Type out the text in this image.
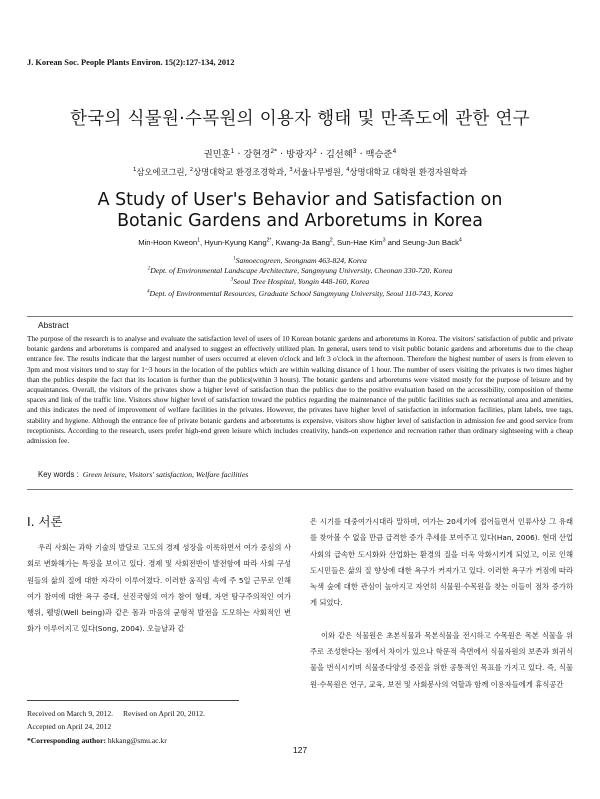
J. Korean Soc. People Plants Environ. 15(2):127-134, 2012
한국의 식물원·수목원의 이용자 행태 및 만족도에 관한 연구
권민훈$^1$ · 강현경$^{2*}$ · 방광자$^2$ · 김선혜$^3$ · 백승준$^4$
$^1$삼오에코그린, $^2$상명대학교 환경조경학과, $^3$서울나무병원, $^4$상명대학교 대학원 환경자원학과
A Study of User's Behavior and Satisfaction on
Botanic Gardens and Arboretums in Korea
Min-Hoon Kweon$^1$, Hyun-Kyung Kang$^{2*}$, Kwang-Ja Bang$^2$, Sun-Hae Kim$^3$ and Seung-Jun Back$^4$
$^1$Samoecogreen, Seongnam 463-824, Korea
$^2$Dept. of Environmental Landscape Architecture, Sangmyung University, Cheonan 330-720, Korea
$^3$Seoul Tree Hospital, Yongin 448-160, Korea
$^4$Dept. of Environmental Resources, Graduate School Sangmyung University, Seoul 110-743, Korea
Abstract
The purpose of the research is to analyse and evaluate the satisfaction level of users of 10 Korean botanic gardens and arboretums in Korea. The visitors' satisfaction of public and private botanic gardens and arboretums is compared and analysed to suggest an effectively utilized plan. In general, users tend to visit public botanic gardens and arboretums due to the cheap entrance fee. The results indicate that the largest number of users occurred at eleven o'clock and left 3 o'clock in the afternoon. Therefore the highest number of users is from eleven to 3pm and most visitors tend to stay for 1~3 hours in the location of the publics which are within walking distance of 1 hour. The number of users visiting the privates is two times higher than the publics despite the fact that its location is further than the publics(within 3 hours). The botanic gardens and arboretums were visited mostly for the purpose of leisure and by acquaintances. Overall, the visitors of the privates show a higher level of satisfaction than the publics due to the positive evaluation based on the accessibility, composition of theme spaces and link of the traffic line. Visitors show higher level of satisfaction toward the publics regarding the maintenance of the public facilities such as recreational area and amenities, and this indicates the need of improvement of welfare facilities in the privates. However, the privates have higher level of satisfaction in information facilities, plant labels, tree tags, stability and hygiene. Although the entrance fee of private botanic gardens and arboretums is expensive, visitors show higher level of satisfaction in admission fee and good service from receptionists. According to the research, users prefer high-end green leisure which includes creativity, hands-on experience and recreation rather than ordinary sightseeing with a cheap admission fee.
Key words : Green leisure, Visitors' satisfaction, Welfare facilities
Ⅰ. 서론

우리 사회는 과학 기술의 발달로 고도의 경제 성장을 이룩하면서 여가 중심의 사회로 변화해가는 특징을 보이고 있다. 경제 및 사회전반이 발전함에 따라 사회 구성원들의 삶의 질에 대한 자각이 이루어졌다. 이러한 움직임 속에 주 5일 근무로 인해 여가 참여에 대한 욕구 증대, 선진국형의 여가 참여 형태, 자연 탐구주의적인 여가 행위, 웰빙(Well being)과 같은 몸과 마음의 균형적 발전을 도모하는 사회적인 변화가 이루어지고 있다(Song, 2004). 오늘날과 같

은 시기를 대중여가시대라 말하며, 여가는 20세기에 접어들면서 인류사상 그 유래를 찾아볼 수 없을 만큼 급격한 증가 추세를 보여주고 있다(Han, 2006). 현대 산업사회의 급속한 도시화와 산업화는 환경의 질을 더욱 악화시키게 되었고, 이로 인해 도시민들은 삶의 질 향상에 대한 욕구가 커져가고 있다. 이러한 욕구가 커짐에 따라 녹색 숲에 대한 관심이 높아지고 자연히 식물원·수목원을 찾는 이들이 점차 증가하게 되었다.

이와 같은 식물원은 초본식물과 목본식물을 전시하고 수목원은 목본 식물을 위주로 조성한다는 점에서 차이가 있으나 학문적 측면에서 식물자원의 보존과 희귀식물을 번식시키며 식물종다양성 증진을 위한 공통적인 목표를 가지고 있다. 즉, 식물원·수목원은 연구, 교육, 보전 및 사회봉사의 역할과 함께 이용자들에게 휴식공간

Received on March 9, 2012. Revised on April 20, 2012.
Accepted on April 24, 2012
*Corresponding author: hkkang@smu.ac.kr
127
